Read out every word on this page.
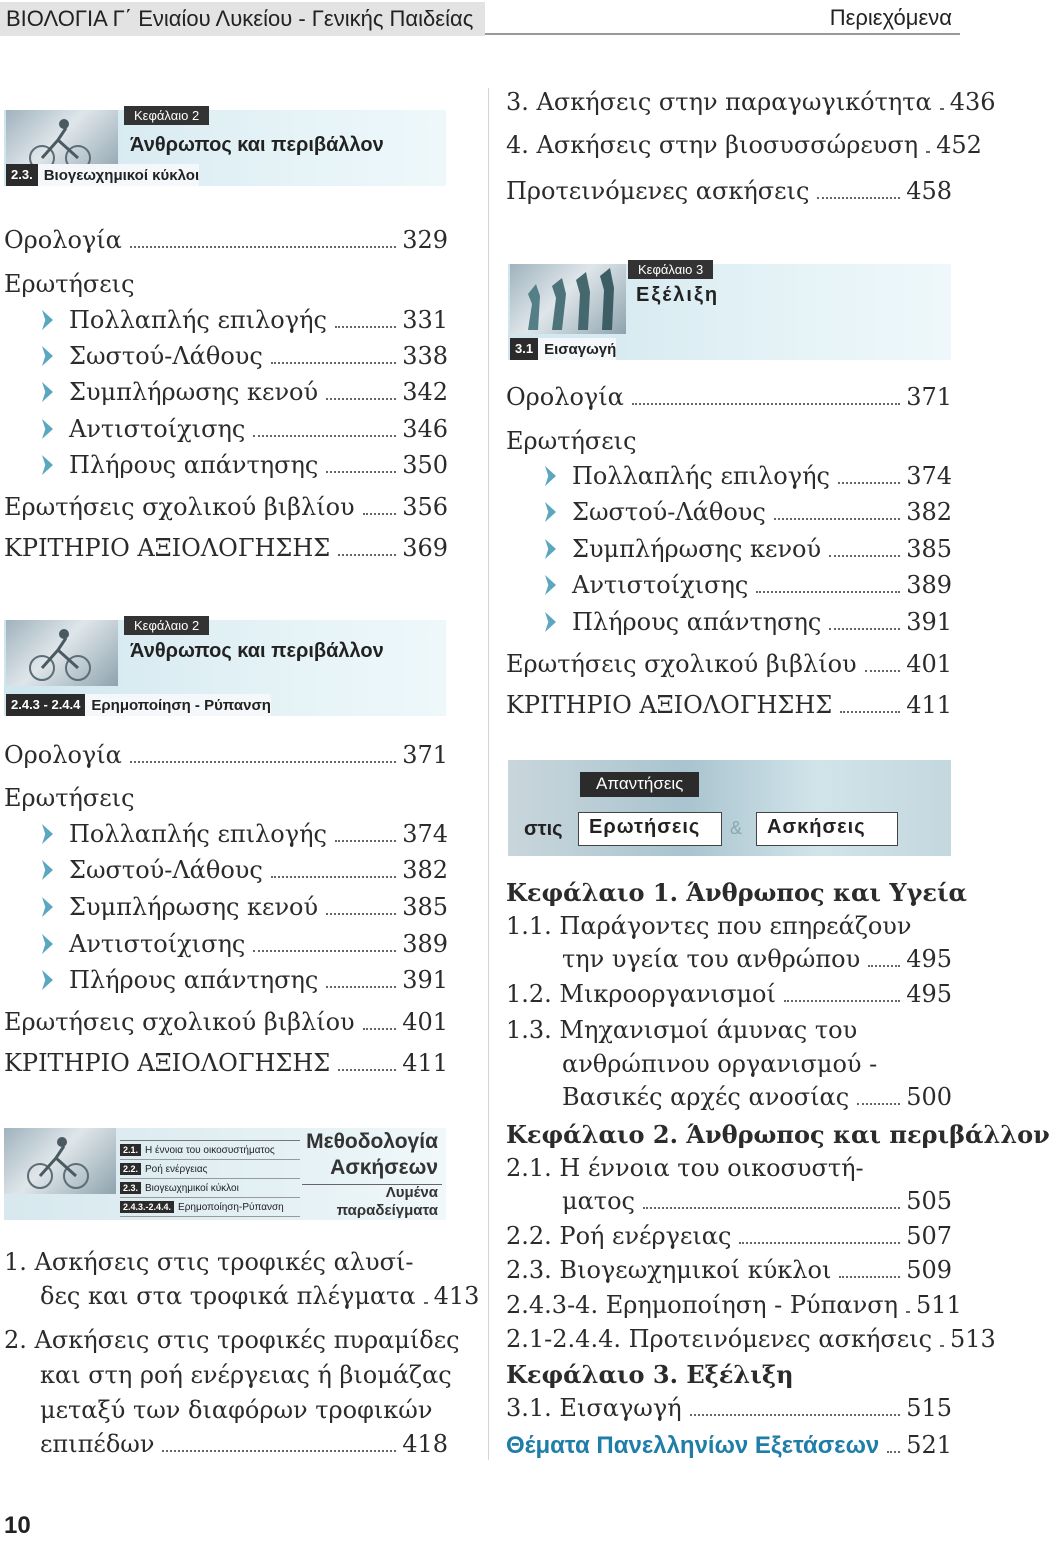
ΒΙΟΛΟΓΙΑ Γ΄ Ενιαίου Λυκείου - Γενικής Παιδείας	Περιεχόμενα
Κεφάλαιο 2
Άνθρωπος και περιβάλλον
2.3. Βιογεωχημικοί κύκλοι
Ορολογία	329
Ερωτήσεις
Πολλαπλής επιλογής	331
Σωστού-Λάθους	338
Συμπλήρωσης κενού	342
Αντιστοίχισης	346
Πλήρους απάντησης	350
Ερωτήσεις σχολικού βιβλίου 356
ΚΡΙΤΗΡΙΟ ΑΞΙΟΛΟΓΗΣΗΣ	369
Κεφάλαιο 2
Άνθρωπος και περιβάλλον
2.4.3 - 2.4.4 Ερημοποίηση - Ρύπανση
Ορολογία	371
Ερωτήσεις
Πολλαπλής επιλογής	374
Σωστού-Λάθους	382
Συμπλήρωσης κενού	385
Αντιστοίχισης	389
Πλήρους απάντησης	391
Ερωτήσεις σχολικού βιβλίου 401
ΚΡΙΤΗΡΙΟ ΑΞΙΟΛΟΓΗΣΗΣ	411
2.1. Η έννοια του οικοσυστήματος
2.2. Ροή ενέργειας
2.3. Βιογεωχημικοί κύκλοι
2.4.3.-2.4.4. Ερημοποίηση-Ρύπανση
Μεθοδολογία
Ασκήσεων
Λυμένα
παραδείγματα
1. Ασκήσεις στις τροφικές αλυσί-
δες και στα τροφικά πλέγματα 413
2. Ασκήσεις στις τροφικές πυραμίδες
και στη ροή ενέργειας ή βιομάζας
μεταξύ των διαφόρων τροφικών
επιπέδων	418
3. Ασκήσεις στην παραγωγικότητα 436
4. Ασκήσεις στην βιοσυσσώρευση 452
Προτεινόμενες ασκήσεις	458
Κεφάλαιο 3
Εξέλιξη
3.1 Εισαγωγή
Ορολογία	371
Ερωτήσεις
Πολλαπλής επιλογής	374
Σωστού-Λάθους	382
Συμπλήρωσης κενού	385
Αντιστοίχισης	389
Πλήρους απάντησης	391
Ερωτήσεις σχολικού βιβλίου 401
ΚΡΙΤΗΡΙΟ ΑΞΙΟΛΟΓΗΣΗΣ	411
Απαντήσεις
στις	Ερωτήσεις	&	Ασκήσεις
Κεφάλαιο 1. Άνθρωπος και Υγεία
1.1. Παράγοντες που επηρεάζουν
την υγεία του ανθρώπου 495
1.2. Μικροοργανισμοί	495
1.3. Μηχανισμοί άμυνας του
ανθρώπινου οργανισμού -
Βασικές αρχές ανοσίας 500
Κεφάλαιο 2. Άνθρωπος και περιβάλλον
2.1. Η έννοια του οικοσυστή-
ματος	505
2.2. Ροή ενέργειας	507
2.3. Βιογεωχημικοί κύκλοι	509
2.4.3-4. Ερημοποίηση - Ρύπανση 511
2.1-2.4.4. Προτεινόμενες ασκήσεις 513
Κεφάλαιο 3. Εξέλιξη
3.1. Εισαγωγή	515
Θέματα Πανελληνίων Εξετάσεων 521
10
